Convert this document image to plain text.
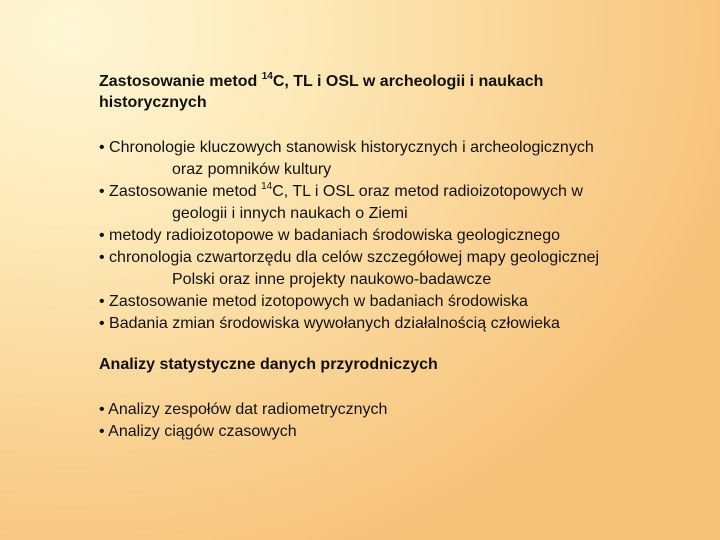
Zastosowanie metod $^{14}$C, TL i OSL w archeologii i naukach
historycznych
• Chronologie kluczowych stanowisk historycznych i archeologicznych
oraz pomników kultury
• Zastosowanie metod $^{14}$C, TL i OSL oraz metod radioizotopowych w
geologii i innych naukach o Ziemi
• metody radioizotopowe w badaniach środowiska geologicznego
• chronologia czwartorzędu dla celów szczegółowej mapy geologicznej
Polski oraz inne projekty naukowo-badawcze
• Zastosowanie metod izotopowych w badaniach środowiska
• Badania zmian środowiska wywołanych działalnością człowieka
Analizy statystyczne danych przyrodniczych
• Analizy zespołów dat radiometrycznych
• Analizy ciągów czasowych
